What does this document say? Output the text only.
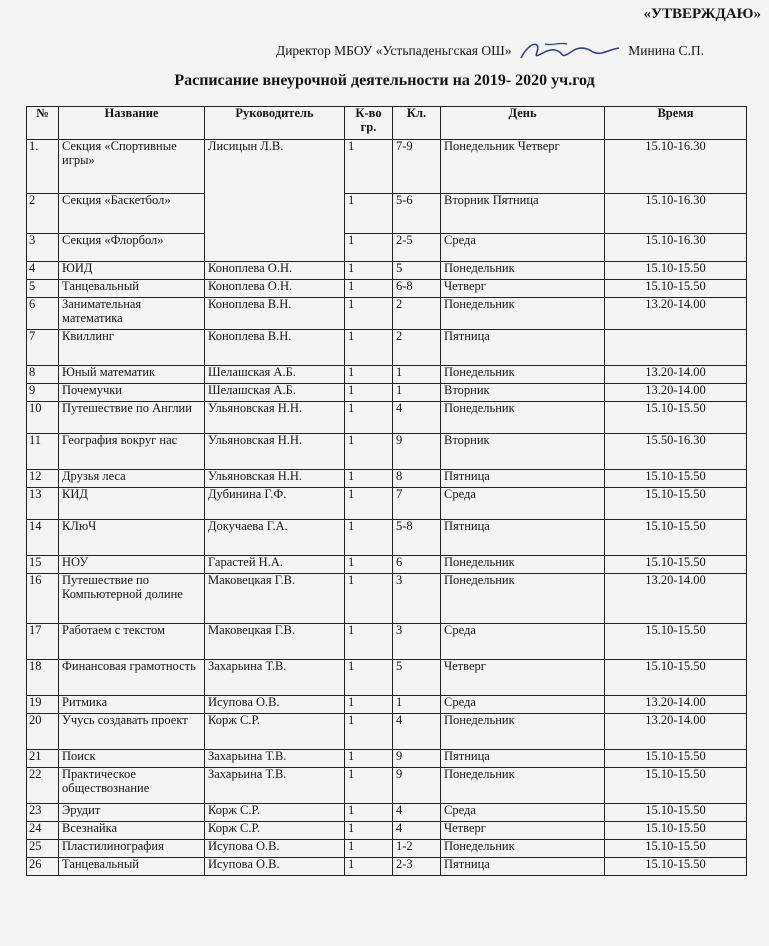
«УТВЕРЖДАЮ»
Директор МБОУ «Устьпаденьгская ОШ»	Минина С.П.
Расписание внеурочной деятельности на 2019- 2020 уч.год
№	Название	Руководитель	К-во гр.	Кл.	День	Время
1.	Секция «Спортивные игры»	Лисицын Л.В.	1	7-9	Понедельник Четверг	15.10-16.30
2	Секция «Баскетбол»		1	5-6	Вторник Пятница	15.10-16.30
3	Секция «Флорбол»		1	2-5	Среда	15.10-16.30
4	ЮИД	Коноплева О.Н.	1	5	Понедельник	15.10-15.50
5	Танцевальный	Коноплева О.Н.	1	6-8	Четверг	15.10-15.50
6	Занимательная математика	Коноплева В.Н.	1	2	Понедельник	13.20-14.00
7	Квиллинг	Коноплева В.Н.	1	2	Пятница	
8	Юный математик	Шелашская А.Б.	1	1	Понедельник	13.20-14.00
9	Почемучки	Шелашская А.Б.	1	1	Вторник	13.20-14.00
10	Путешествие по Англии	Ульяновская Н.Н.	1	4	Понедельник	15.10-15.50
11	География вокруг нас	Ульяновская Н.Н.	1	9	Вторник	15.50-16.30
12	Друзья леса	Ульяновская Н.Н.	1	8	Пятница	15.10-15.50
13	КИД	Дубинина Г.Ф.	1	7	Среда	15.10-15.50
14	КЛюЧ	Докучаева Г.А.	1	5-8	Пятница	15.10-15.50
15	НОУ	Гарастей Н.А.	1	6	Понедельник	15.10-15.50
16	Путешествие по Компьютерной долине	Маковецкая Г.В.	1	3	Понедельник	13.20-14.00
17	Работаем с текстом	Маковецкая Г.В.	1	3	Среда	15.10-15.50
18	Финансовая грамотность	Захарьина Т.В.	1	5	Четверг	15.10-15.50
19	Ритмика	Исупова О.В.	1	1	Среда	13.20-14.00
20	Учусь создавать проект	Корж С.Р.	1	4	Понедельник	13.20-14.00
21	Поиск	Захарьина Т.В.	1	9	Пятница	15.10-15.50
22	Практическое обществознание	Захарьина Т.В.	1	9	Понедельник	15.10-15.50
23	Эрудит	Корж С.Р.	1	4	Среда	15.10-15.50
24	Всезнайка	Корж С.Р.	1	4	Четверг	15.10-15.50
25	Пластилинография	Исупова О.В.	1	1-2	Понедельник	15.10-15.50
26	Танцевальный	Исупова О.В.	1	2-3	Пятница	15.10-15.50
